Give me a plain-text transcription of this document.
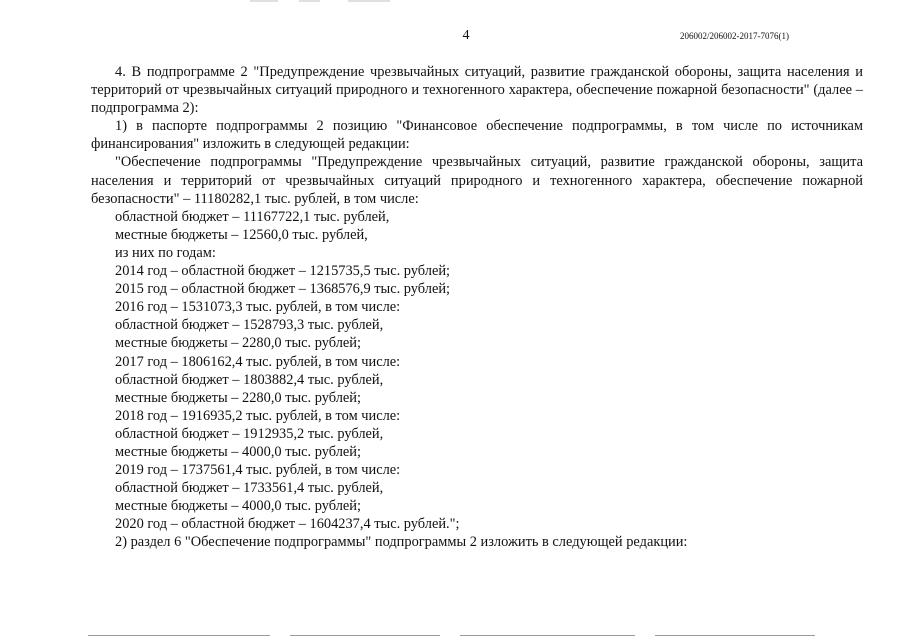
4	206002/206002-2017-7076(1)

4. В подпрограмме 2 "Предупреждение чрезвычайных ситуаций, развитие гражданской обороны, защита населения и территорий от чрезвычайных ситуаций природного и техногенного характера, обеспечение пожарной безопасности" (далее – подпрограмма 2):

1) в паспорте подпрограммы 2 позицию "Финансовое обеспечение подпрограммы, в том числе по источникам финансирования" изложить в следующей редакции:

"Обеспечение подпрограммы "Предупреждение чрезвычайных ситуаций, развитие гражданской обороны, защита населения и территорий от чрезвычайных ситуаций природного и техногенного характера, обеспечение пожарной безопасности" – 11180282,1 тыс. рублей, в том числе:

областной бюджет – 11167722,1 тыс. рублей,

местные бюджеты – 12560,0 тыс. рублей,

из них по годам:

2014 год – областной бюджет – 1215735,5 тыс. рублей;

2015 год – областной бюджет – 1368576,9 тыс. рублей;

2016 год – 1531073,3 тыс. рублей, в том числе:

областной бюджет – 1528793,3 тыс. рублей,

местные бюджеты – 2280,0 тыс. рублей;

2017 год – 1806162,4 тыс. рублей, в том числе:

областной бюджет – 1803882,4 тыс. рублей,

местные бюджеты – 2280,0 тыс. рублей;

2018 год – 1916935,2 тыс. рублей, в том числе:

областной бюджет – 1912935,2 тыс. рублей,

местные бюджеты – 4000,0 тыс. рублей;

2019 год – 1737561,4 тыс. рублей, в том числе:

областной бюджет – 1733561,4 тыс. рублей,

местные бюджеты – 4000,0 тыс. рублей;

2020 год – областной бюджет – 1604237,4 тыс. рублей.";

2) раздел 6 "Обеспечение подпрограммы" подпрограммы 2 изложить в следующей редакции:
